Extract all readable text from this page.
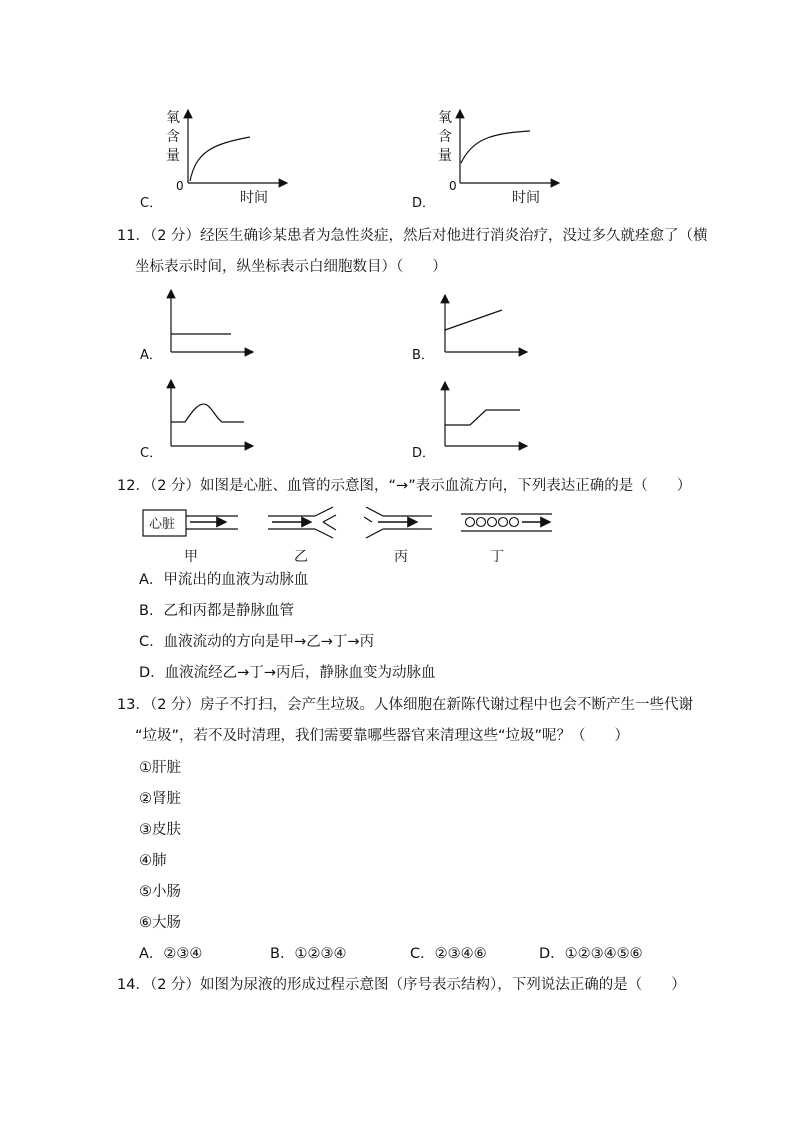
氧
含
量
0
时间
C．
氧
含
量
0
时间
D．
11．（2 分）经医生确诊某患者为急性炎症，然后对他进行消炎治疗，没过多久就痊愈了（横
坐标表示时间，纵坐标表示白细胞数目）（　　）
A．	B．
C．	D．
12．（2 分）如图是心脏、血管的示意图，“→”表示血流方向，下列表达正确的是（　　）
心脏
甲	乙	丙	丁
A．甲流出的血液为动脉血
B．乙和丙都是静脉血管
C．血液流动的方向是甲→乙→丁→丙
D．血液流经乙→丁→丙后，静脉血变为动脉血
13．（2 分）房子不打扫，会产生垃圾。人体细胞在新陈代谢过程中也会不断产生一些代谢
“垃圾”，若不及时清理，我们需要靠哪些器官来清理这些“垃圾”呢？（　　）
①肝脏
②肾脏
③皮肤
④肺
⑤小肠
⑥大肠
A．②③④	B．①②③④	C．②③④⑥	D．①②③④⑤⑥
14．（2 分）如图为尿液的形成过程示意图（序号表示结构），下列说法正确的是（　　）
